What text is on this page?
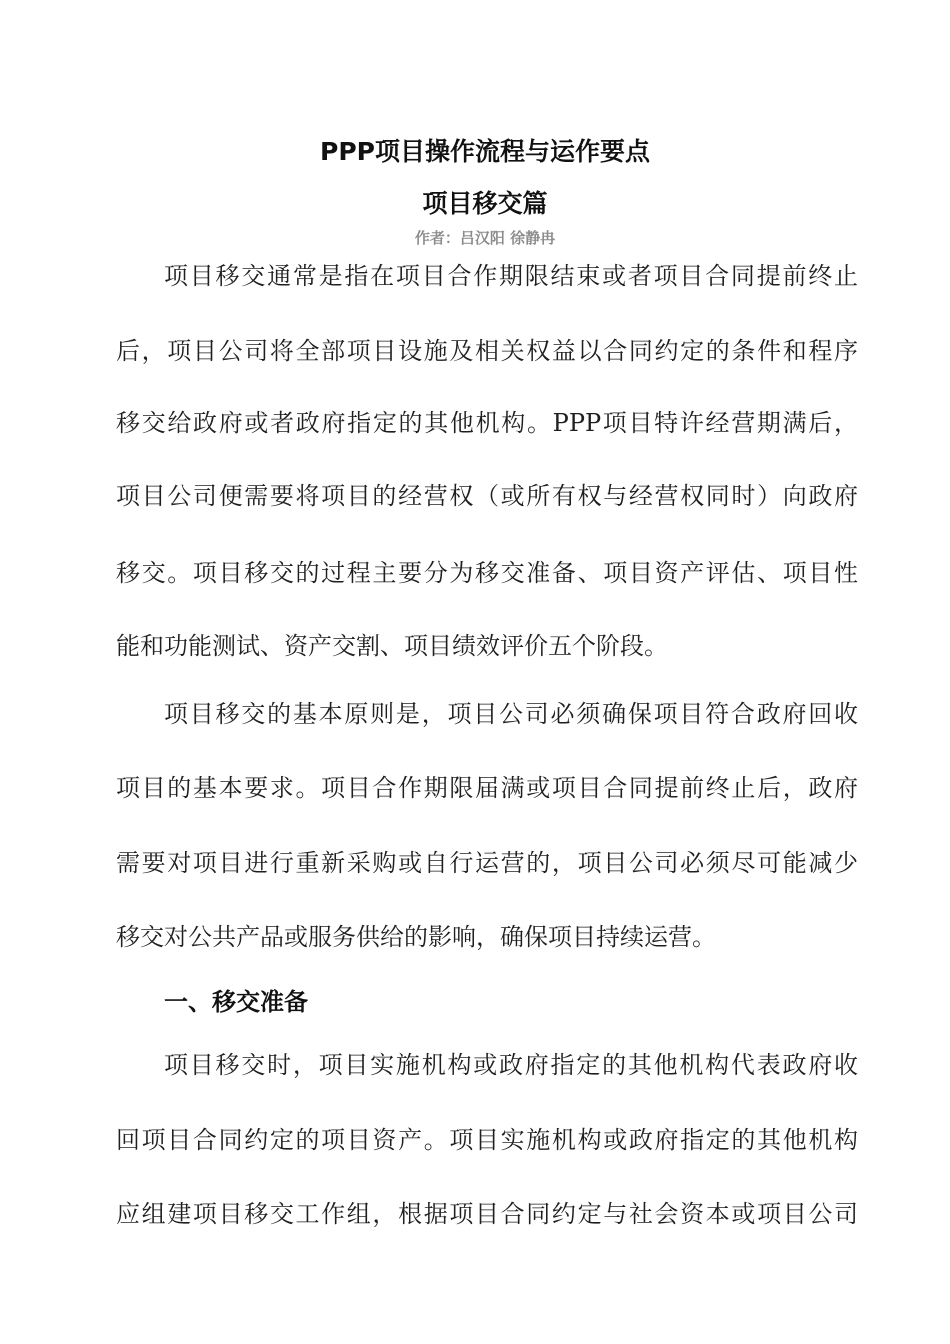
PPP项目操作流程与运作要点
项目移交篇
作者：吕汉阳 徐静冉
项目移交通常是指在项目合作期限结束或者项目合同提前终止
后，项目公司将全部项目设施及相关权益以合同约定的条件和程序
移交给政府或者政府指定的其他机构。PPP项目特许经营期满后，
项目公司便需要将项目的经营权（或所有权与经营权同时）向政府
移交。项目移交的过程主要分为移交准备、项目资产评估、项目性
能和功能测试、资产交割、项目绩效评价五个阶段。
项目移交的基本原则是，项目公司必须确保项目符合政府回收
项目的基本要求。项目合作期限届满或项目合同提前终止后，政府
需要对项目进行重新采购或自行运营的，项目公司必须尽可能减少
移交对公共产品或服务供给的影响，确保项目持续运营。
一、移交准备
项目移交时，项目实施机构或政府指定的其他机构代表政府收
回项目合同约定的项目资产。项目实施机构或政府指定的其他机构
应组建项目移交工作组，根据项目合同约定与社会资本或项目公司
